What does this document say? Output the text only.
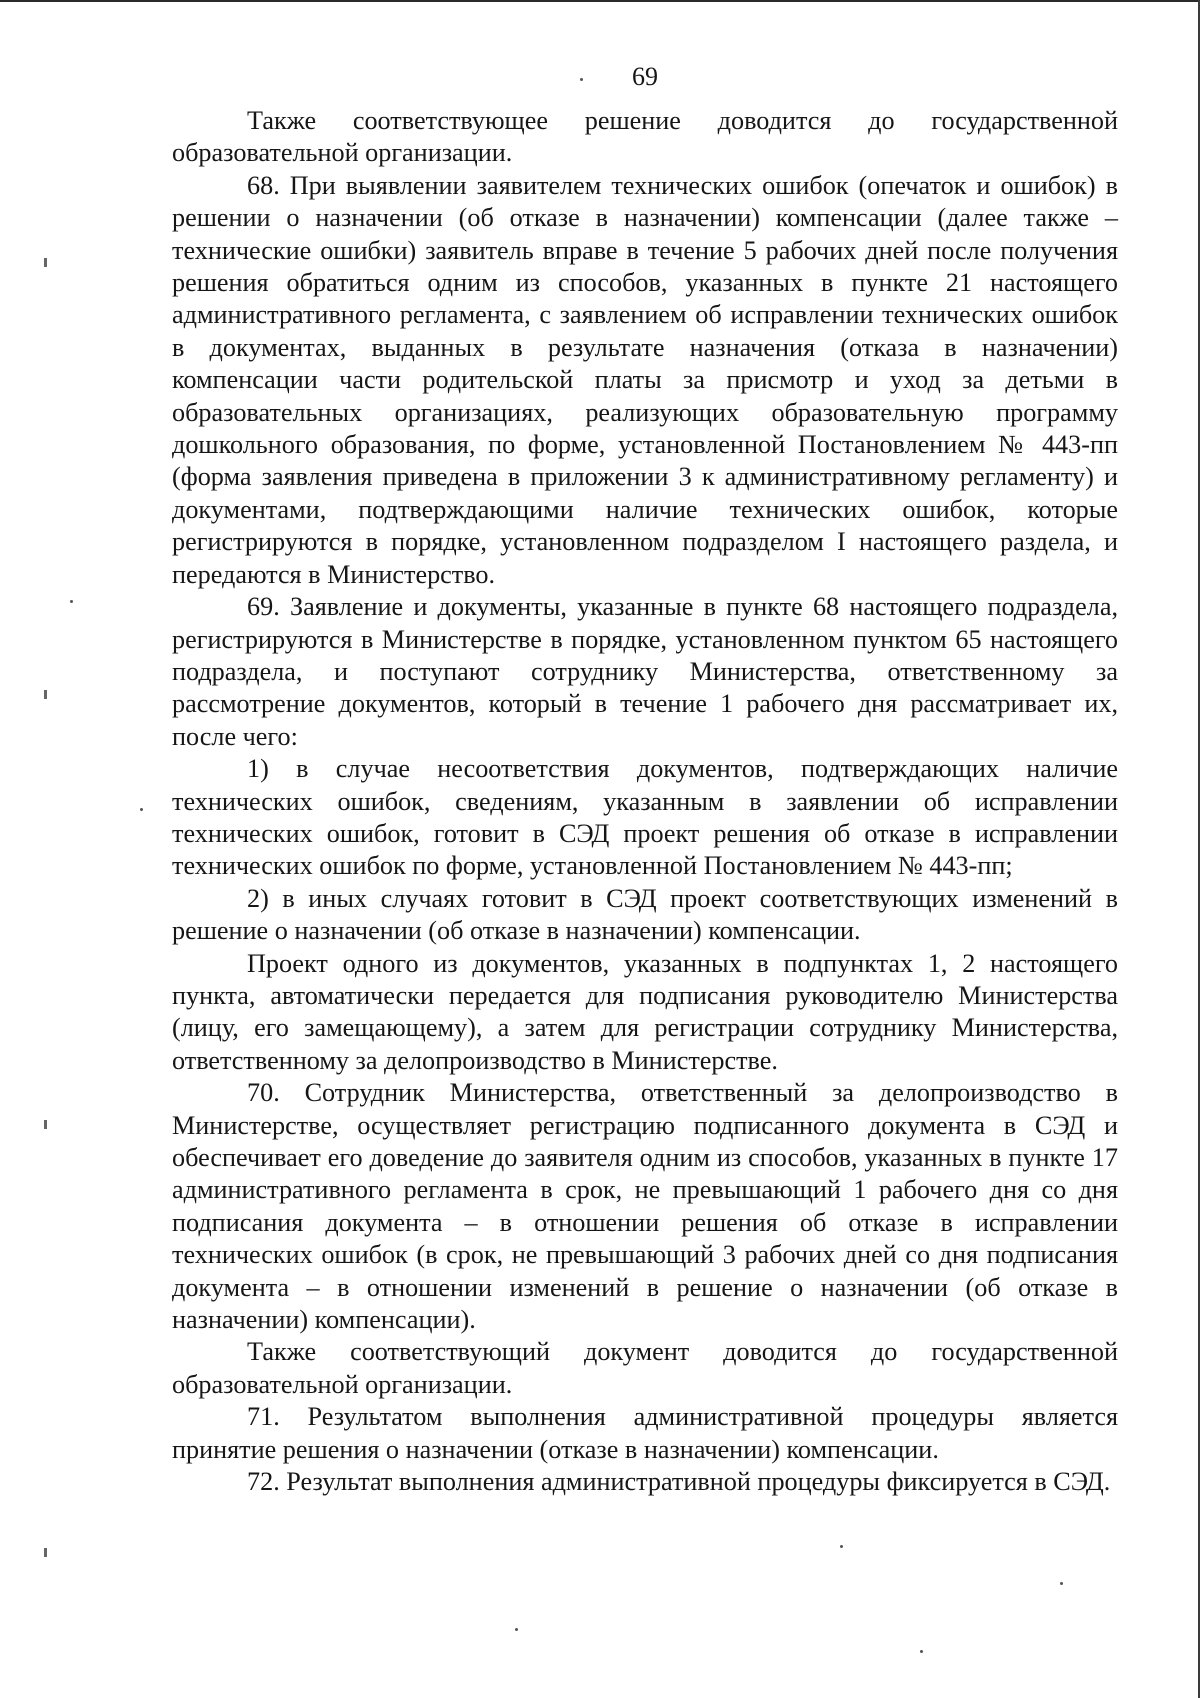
69

Также соответствующее решение доводится до государственной образовательной организации.

68. При выявлении заявителем технических ошибок (опечаток и ошибок) в решении о назначении (об отказе в назначении) компенсации (далее также – технические ошибки) заявитель вправе в течение 5 рабочих дней после получения решения обратиться одним из способов, указанных в пункте 21 настоящего административного регламента, с заявлением об исправлении технических ошибок в документах, выданных в результате назначения (отказа в назначении) компенсации части родительской платы за присмотр и уход за детьми в образовательных организациях, реализующих образовательную программу дошкольного образования, по форме, установленной Постановлением № 443-пп (форма заявления приведена в приложении 3 к административному регламенту) и документами, подтверждающими наличие технических ошибок, которые регистрируются в порядке, установленном подразделом I настоящего раздела, и передаются в Министерство.

69. Заявление и документы, указанные в пункте 68 настоящего подраздела, регистрируются в Министерстве в порядке, установленном пунктом 65 настоящего подраздела, и поступают сотруднику Министерства, ответственному за рассмотрение документов, который в течение 1 рабочего дня рассматривает их, после чего:

1) в случае несоответствия документов, подтверждающих наличие технических ошибок, сведениям, указанным в заявлении об исправлении технических ошибок, готовит в СЭД проект решения об отказе в исправлении технических ошибок по форме, установленной Постановлением № 443-пп;

2) в иных случаях готовит в СЭД проект соответствующих изменений в решение о назначении (об отказе в назначении) компенсации.

Проект одного из документов, указанных в подпунктах 1, 2 настоящего пункта, автоматически передается для подписания руководителю Министерства (лицу, его замещающему), а затем для регистрации сотруднику Министерства, ответственному за делопроизводство в Министерстве.

70. Сотрудник Министерства, ответственный за делопроизводство в Министерстве, осуществляет регистрацию подписанного документа в СЭД и обеспечивает его доведение до заявителя одним из способов, указанных в пункте 17 административного регламента в срок, не превышающий 1 рабочего дня со дня подписания документа – в отношении решения об отказе в исправлении технических ошибок (в срок, не превышающий 3 рабочих дней со дня подписания документа – в отношении изменений в решение о назначении (об отказе в назначении) компенсации).

Также соответствующий документ доводится до государственной образовательной организации.

71. Результатом выполнения административной процедуры является принятие решения о назначении (отказе в назначении) компенсации.

72. Результат выполнения административной процедуры фиксируется в СЭД.
